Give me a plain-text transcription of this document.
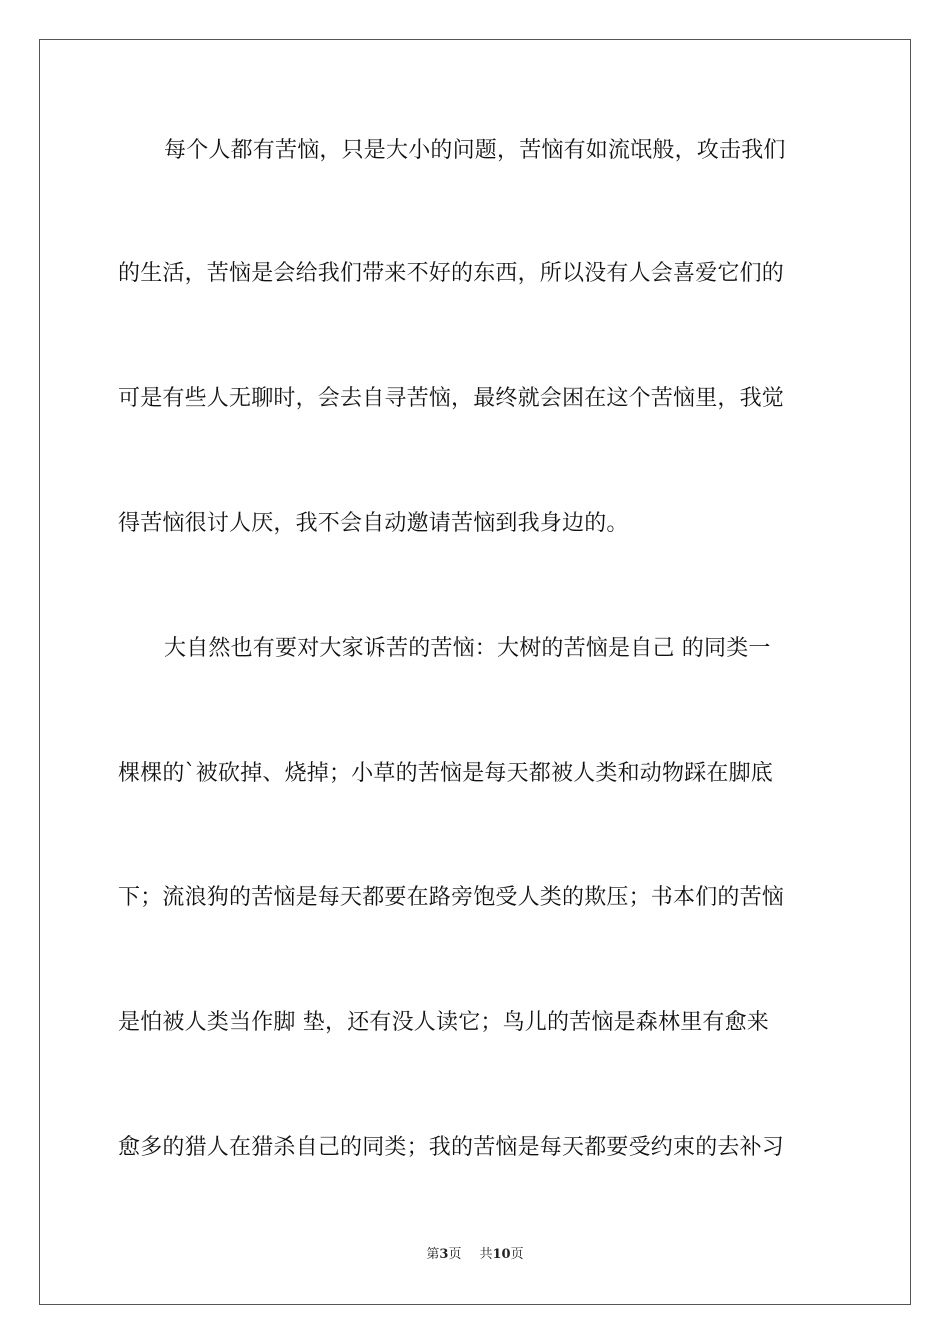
每个人都有苦恼，只是大小的问题，苦恼有如流氓般，攻击我们
的生活，苦恼是会给我们带来不好的东西，所以没有人会喜爱它们的
可是有些人无聊时，会去自寻苦恼，最终就会困在这个苦恼里，我觉
得苦恼很讨人厌，我不会自动邀请苦恼到我身边的。
大自然也有要对大家诉苦的苦恼：大树的苦恼是自己 的同类一
棵棵的`被砍掉、烧掉；小草的苦恼是每天都被人类和动物踩在脚底
下；流浪狗的苦恼是每天都要在路旁饱受人类的欺压；书本们的苦恼
是怕被人类当作脚 垫，还有没人读它；鸟儿的苦恼是森林里有愈来
愈多的猎人在猎杀自己的同类；我的苦恼是每天都要受约束的去补习
第3页 共10页
